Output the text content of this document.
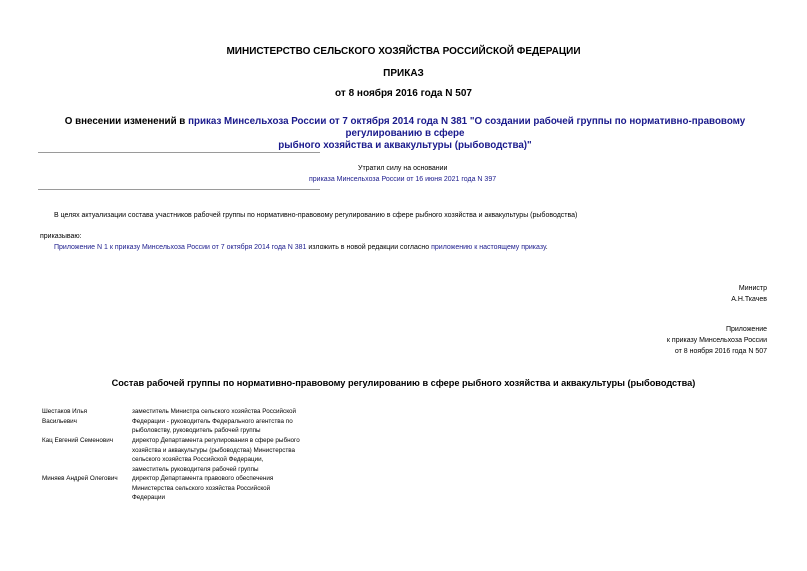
МИНИСТЕРСТВО СЕЛЬСКОГО ХОЗЯЙСТВА РОССИЙСКОЙ ФЕДЕРАЦИИ
ПРИКАЗ
от 8 ноября 2016 года N 507
О внесении изменений в приказ Минсельхоза России от 7 октября 2014 года N 381 "О создании рабочей группы по нормативно-правовому регулированию в сфере
рыбного хозяйства и аквакультуры (рыбоводства)"
Утратил силу на основании
приказа Минсельхоза России от 16 июня 2021 года N 397
В целях актуализации состава участников рабочей группы по нормативно-правовому регулированию в сфере рыбного хозяйства и аквакультуры (рыбоводства)
приказываю:
Приложение N 1 к приказу Минсельхоза России от 7 октября 2014 года N 381 изложить в новой редакции согласно приложению к настоящему приказу.
Министр
А.Н.Ткачев
Приложение
к приказу Минсельхоза России
от 8 ноября 2016 года N 507
Состав рабочей группы по нормативно-правовому регулированию в сфере рыбного хозяйства и аквакультуры (рыбоводства)
Шестаков Илья
Васильевич
заместитель Министра сельского хозяйства Российской
Федерации - руководитель Федерального агентства по
рыболовству, руководитель рабочей группы
Кац Евгений Семенович	директор Департамента регулирования в сфере рыбного
хозяйства и аквакультуры (рыбоводства) Министерства
сельского хозяйства Российской Федерации,
заместитель руководителя рабочей группы
Миняев Андрей Олегович	директор Департамента правового обеспечения
Министерства сельского хозяйства Российской
Федерации
